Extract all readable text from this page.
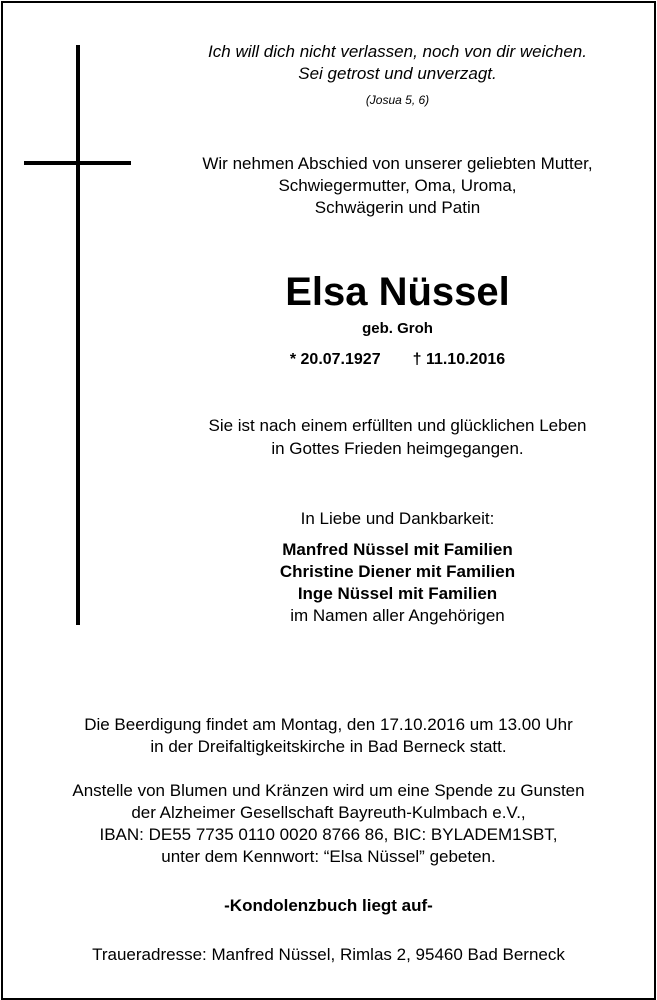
Ich will dich nicht verlassen, noch von dir weichen.
Sei getrost und unverzagt.
(Josua 5, 6)
Wir nehmen Abschied von unserer geliebten Mutter,
Schwiegermutter, Oma, Uroma,
Schwägerin und Patin
Elsa Nüssel
geb. Groh
* 20.07.1927 † 11.10.2016
Sie ist nach einem erfüllten und glücklichen Leben
in Gottes Frieden heimgegangen.
In Liebe und Dankbarkeit:
Manfred Nüssel mit Familien
Christine Diener mit Familien
Inge Nüssel mit Familien
im Namen aller Angehörigen
Die Beerdigung findet am Montag, den 17.10.2016 um 13.00 Uhr
in der Dreifaltigkeitskirche in Bad Berneck statt.
Anstelle von Blumen und Kränzen wird um eine Spende zu Gunsten
der Alzheimer Gesellschaft Bayreuth-Kulmbach e.V.,
IBAN: DE55 7735 0110 0020 8766 86, BIC: BYLADEM1SBT,
unter dem Kennwort: “Elsa Nüssel” gebeten.
-Kondolenzbuch liegt auf-
Traueradresse: Manfred Nüssel, Rimlas 2, 95460 Bad Berneck
